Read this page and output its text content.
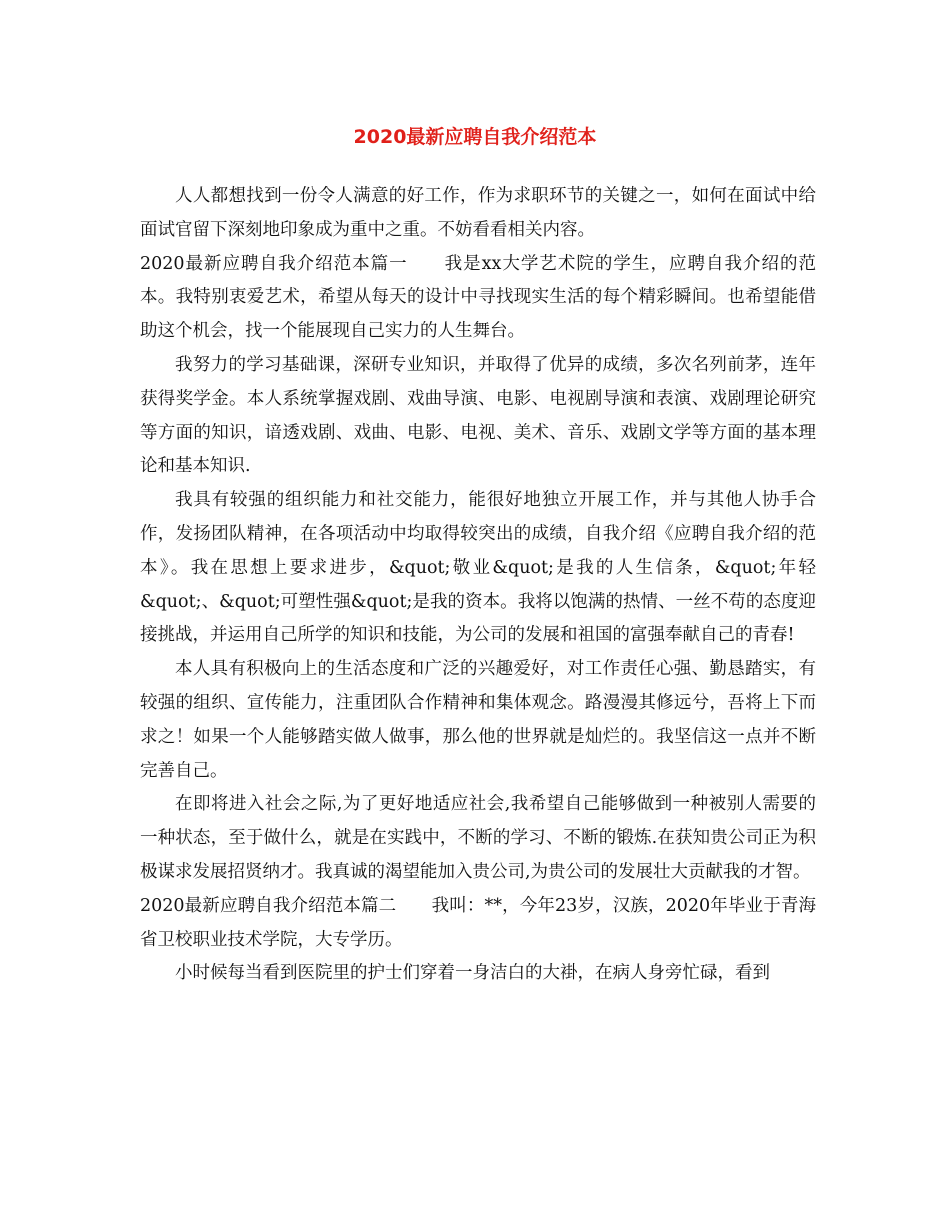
2020最新应聘自我介绍范本

人人都想找到一份令人满意的好工作，作为求职环节的关键之一，如何在面试中给面试官留下深刻地印象成为重中之重。不妨看看相关内容。

2020最新应聘自我介绍范本篇一　　我是xx大学艺术院的学生，应聘自我介绍的范本。我特别衷爱艺术，希望从每天的设计中寻找现实生活的每个精彩瞬间。也希望能借助这个机会，找一个能展现自己实力的人生舞台。

我努力的学习基础课，深研专业知识，并取得了优异的成绩，多次名列前茅，连年获得奖学金。本人系统掌握戏剧、戏曲导演、电影、电视剧导演和表演、戏剧理论研究等方面的知识，谙透戏剧、戏曲、电影、电视、美术、音乐、戏剧文学等方面的基本理论和基本知识.

我具有较强的组织能力和社交能力，能很好地独立开展工作，并与其他人协手合作，发扬团队精神，在各项活动中均取得较突出的成绩，自我介绍《应聘自我介绍的范本》。我在思想上要求进步，&quot;敬业&quot;是我的人生信条，&quot;年轻&quot;、&quot;可塑性强&quot;是我的资本。我将以饱满的热情、一丝不苟的态度迎接挑战，并运用自己所学的知识和技能，为公司的发展和祖国的富强奉献自己的青春!

本人具有积极向上的生活态度和广泛的兴趣爱好，对工作责任心强、勤恳踏实，有较强的组织、宣传能力，注重团队合作精神和集体观念。路漫漫其修远兮，吾将上下而求之！如果一个人能够踏实做人做事，那么他的世界就是灿烂的。我坚信这一点并不断完善自己。

在即将进入社会之际,为了更好地适应社会,我希望自己能够做到一种被别人需要的一种状态，至于做什么，就是在实践中，不断的学习、不断的锻炼.在获知贵公司正为积极谋求发展招贤纳才。我真诚的渴望能加入贵公司,为贵公司的发展壮大贡献我的才智。

2020最新应聘自我介绍范本篇二　　我叫：**，今年23岁，汉族，2020年毕业于青海省卫校职业技术学院，大专学历。

小时候每当看到医院里的护士们穿着一身洁白的大褂，在病人身旁忙碌，看到
